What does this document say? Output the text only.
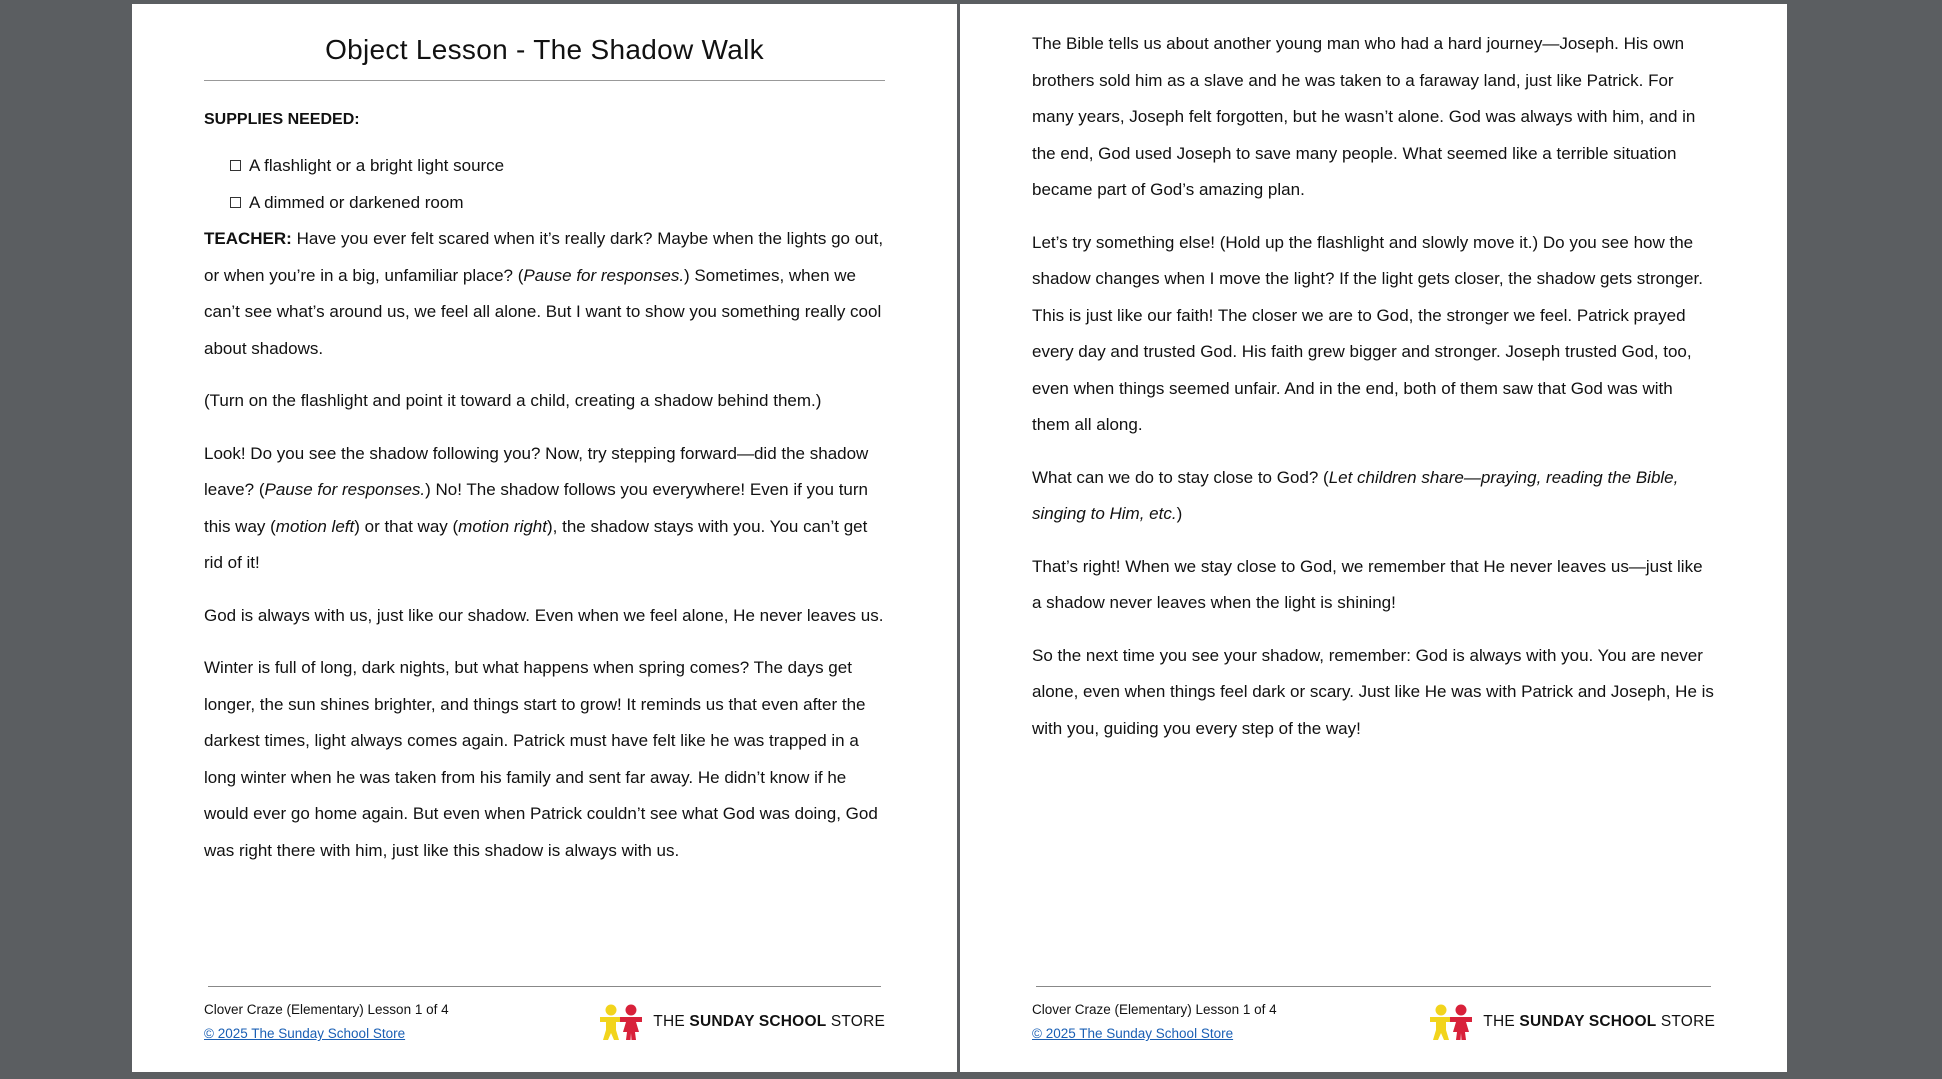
Object Lesson - The Shadow Walk
SUPPLIES NEEDED:
A flashlight or a bright light source
A dimmed or darkened room

TEACHER: Have you ever felt scared when it’s really dark? Maybe when the lights go out, or when you’re in a big, unfamiliar place? (Pause for responses.) Sometimes, when we can’t see what’s around us, we feel all alone. But I want to show you something really cool about shadows.

(Turn on the flashlight and point it toward a child, creating a shadow behind them.)

Look! Do you see the shadow following you? Now, try stepping forward—did the shadow leave? (Pause for responses.) No! The shadow follows you everywhere! Even if you turn this way (motion left) or that way (motion right), the shadow stays with you. You can’t get rid of it!

God is always with us, just like our shadow. Even when we feel alone, He never leaves us.

Winter is full of long, dark nights, but what happens when spring comes? The days get longer, the sun shines brighter, and things start to grow! It reminds us that even after the darkest times, light always comes again. Patrick must have felt like he was trapped in a long winter when he was taken from his family and sent far away. He didn’t know if he would ever go home again. But even when Patrick couldn’t see what God was doing, God was right there with him, just like this shadow is always with us.

Clover Craze (Elementary) Lesson 1 of 4
© 2025 The Sunday School Store
THE SUNDAY SCHOOL STORE

The Bible tells us about another young man who had a hard journey—Joseph. His own brothers sold him as a slave and he was taken to a faraway land, just like Patrick. For many years, Joseph felt forgotten, but he wasn’t alone. God was always with him, and in the end, God used Joseph to save many people. What seemed like a terrible situation became part of God’s amazing plan.

Let’s try something else! (Hold up the flashlight and slowly move it.) Do you see how the shadow changes when I move the light? If the light gets closer, the shadow gets stronger. This is just like our faith! The closer we are to God, the stronger we feel. Patrick prayed every day and trusted God. His faith grew bigger and stronger. Joseph trusted God, too, even when things seemed unfair. And in the end, both of them saw that God was with them all along.

What can we do to stay close to God? (Let children share—praying, reading the Bible, singing to Him, etc.)

That’s right! When we stay close to God, we remember that He never leaves us—just like a shadow never leaves when the light is shining!

So the next time you see your shadow, remember: God is always with you. You are never alone, even when things feel dark or scary. Just like He was with Patrick and Joseph, He is with you, guiding you every step of the way!

Clover Craze (Elementary) Lesson 1 of 4
© 2025 The Sunday School Store
THE SUNDAY SCHOOL STORE
